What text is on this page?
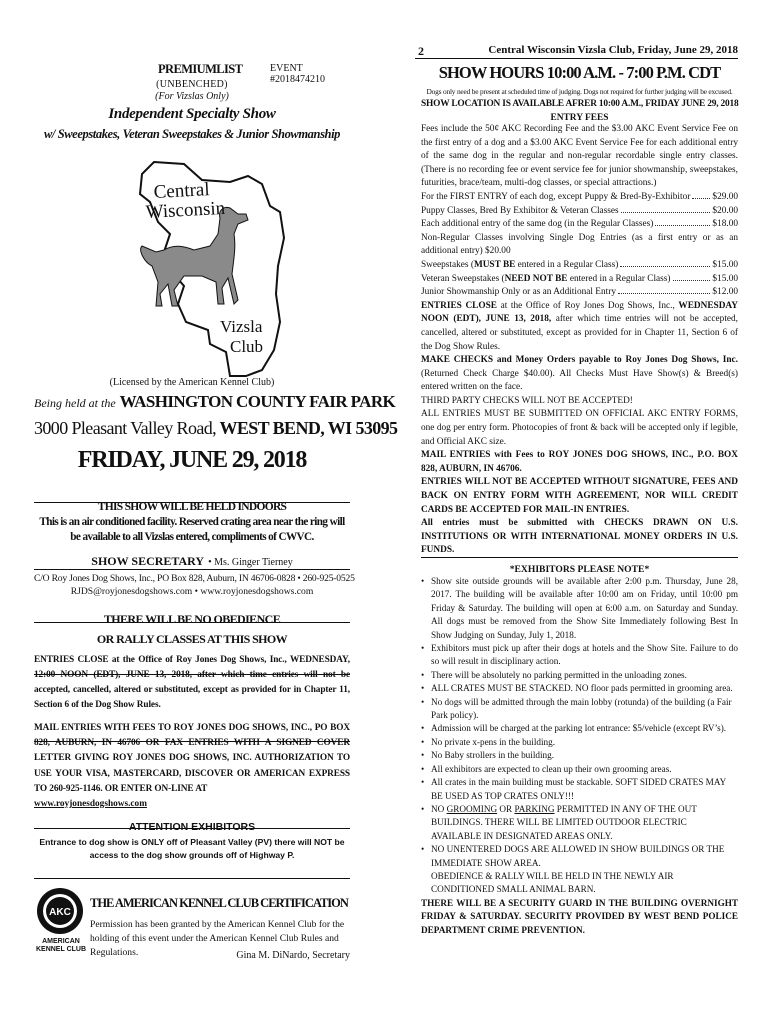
2	Central Wisconsin Vizsla Club, Friday, June 29, 2018
PREMIUMLIST	EVENT #2018474210
(UNBENCHED)
(For Vizslas Only)
Independent Specialty Show
w/ Sweepstakes, Veteran Sweepstakes & Junior Showmanship
Central
Wisconsin
Vizsla
Club
(Licensed by the American Kennel Club)
Being held at the WASHINGTON COUNTY FAIR PARK
3000 Pleasant Valley Road, WEST BEND, WI 53095
FRIDAY, JUNE 29, 2018
THIS SHOW WILL BE HELD INDOORS
This is an air conditioned facility. Reserved crating area near the ring will
be available to all Vizslas entered, compliments of CWVC.
SHOW SECRETARY • Ms. Ginger Tierney
C/O Roy Jones Dog Shows, Inc., PO Box 828, Auburn, IN 46706-0828 • 260-925-0525
RJDS@royjonesdogshows.com • www.royjonesdogshows.com
THERE WILL BE NO OBEDIENCE
OR RALLY CLASSES AT THIS SHOW

ENTRIES CLOSE at the Office of Roy Jones Dog Shows, Inc., WEDNESDAY, 12:00 NOON (EDT), JUNE 13, 2018, after which time entries will not be accepted, cancelled, altered or substituted, except as provided for in Chapter 11, Section 6 of the Dog Show Rules.

MAIL ENTRIES WITH FEES TO ROY JONES DOG SHOWS, INC., PO BOX 828, AUBURN, IN 46706 OR FAX ENTRIES WITH A SIGNED COVER LETTER GIVING ROY JONES DOG SHOWS, INC. AUTHORIZATION TO USE YOUR VISA, MASTERCARD, DISCOVER OR AMERICAN EXPRESS TO 260-925-1146. OR ENTER ON-LINE AT

www.royjonesdogshows.com

ATTENTION EXHIBITORS

Entrance to dog show is ONLY off of Pleasant Valley (PV) there will NOT be access to the dog show grounds off of Highway P.

AKC
AMERICAN
KENNEL CLUB
THE AMERICAN KENNEL CLUB CERTIFICATION

Permission has been granted by the American Kennel Club for the holding of this event under the American Kennel Club Rules and Regulations.	Gina M. DiNardo, Secretary
SHOW HOURS 10:00 A.M. - 7:00 P.M. CDT
Dogs only need be present at scheduled time of judging. Dogs not required for further judging will be excused.
SHOW LOCATION IS AVAILABLE AFRER 10:00 A.M., FRIDAY JUNE 29, 2018
ENTRY FEES

Fees include the 50¢ AKC Recording Fee and the $3.00 AKC Event Service Fee on the first entry of a dog and a $3.00 AKC Event Service Fee for each additional entry of the same dog in the regular and non-regular recordable single entry classes. (There is no recording fee or event service fee for junior showmanship, sweepstakes, futurities, brace/team, multi-dog classes, or special attractions.)

For the FIRST ENTRY of each dog, except Puppy & Bred-By-Exhibitor $29.00
Puppy Classes, Bred By Exhibitor & Veteran Classes	$20.00
Each additional entry of the same dog (in the Regular Classes)	$18.00

Non-Regular Classes involving Single Dog Entries (as a first entry or as an additional entry) $20.00

Sweepstakes (MUST BE entered in a Regular Class)	$15.00
Veteran Sweepstakes (NEED NOT BE entered in a Regular Class)	$15.00
Junior Showmanship Only or as an Additional Entry	$12.00

ENTRIES CLOSE at the Office of Roy Jones Dog Shows, Inc., WEDNESDAY NOON (EDT), JUNE 13, 2018, after which time entries will not be accepted, cancelled, altered or substituted, except as provided for in Chapter 11, Section 6 of the Dog Show Rules.

MAKE CHECKS and Money Orders payable to Roy Jones Dog Shows, Inc. (Returned Check Charge $40.00). All Checks Must Have Show(s) & Breed(s) entered written on the face.

THIRD PARTY CHECKS WILL NOT BE ACCEPTED!

ALL ENTRIES MUST BE SUBMITTED ON OFFICIAL AKC ENTRY FORMS, one dog per entry form. Photocopies of front & back will be accepted only if legible, and Official AKC size.

MAIL ENTRIES with Fees to ROY JONES DOG SHOWS, INC., P.O. BOX 828, AUBURN, IN 46706.

ENTRIES WILL NOT BE ACCEPTED WITHOUT SIGNATURE, FEES AND BACK ON ENTRY FORM WITH AGREEMENT, NOR WILL CREDIT CARDS BE ACCEPTED FOR MAIL-IN ENTRIES.

All entries must be submitted with CHECKS DRAWN ON U.S. INSTITUTIONS OR WITH INTERNATIONAL MONEY ORDERS IN U.S. FUNDS.

*EXHIBITORS PLEASE NOTE*
• Show site outside grounds will be available after 2:00 p.m. Thursday, June 28, 2017. The building will be available after 10:00 am on Friday, until 10:00 pm Friday & Saturday. The building will open at 6:00 a.m. on Saturday and Sunday. All dogs must be removed from the Show Site Immediately following Best In Show Judging on Sunday, July 1, 2018.
• Exhibitors must pick up after their dogs at hotels and the Show Site. Failure to do so will result in disciplinary action.
• There will be absolutely no parking permitted in the unloading zones.
• ALL CRATES MUST BE STACKED. NO floor pads permitted in grooming area.
• No dogs will be admitted through the main lobby (rotunda) of the building (a Fair Park policy).
• Admission will be charged at the parking lot entrance: $5/vehicle (except RV’s).
• No private x-pens in the building.
• No Baby strollers in the building.
• All exhibitors are expected to clean up their own grooming areas.
• All crates in the main building must be stackable. SOFT SIDED CRATES MAY BE USED AS TOP CRATES ONLY!!!
• NO GROOMING OR PARKING PERMITTED IN ANY OF THE OUT BUILDINGS. THERE WILL BE LIMITED OUTDOOR ELECTRIC AVAILABLE IN DESIGNATED AREAS ONLY.
• NO UNENTERED DOGS ARE ALLOWED IN SHOW BUILDINGS OR THE IMMEDIATE SHOW AREA.

OBEDIENCE & RALLY WILL BE HELD IN THE NEWLY AIR CONDITIONED SMALL ANIMAL BARN.

THERE WILL BE A SECURITY GUARD IN THE BUILDING OVERNIGHT FRIDAY & SATURDAY. SECURITY PROVIDED BY WEST BEND POLICE DEPARTMENT CRIME PREVENTION.
